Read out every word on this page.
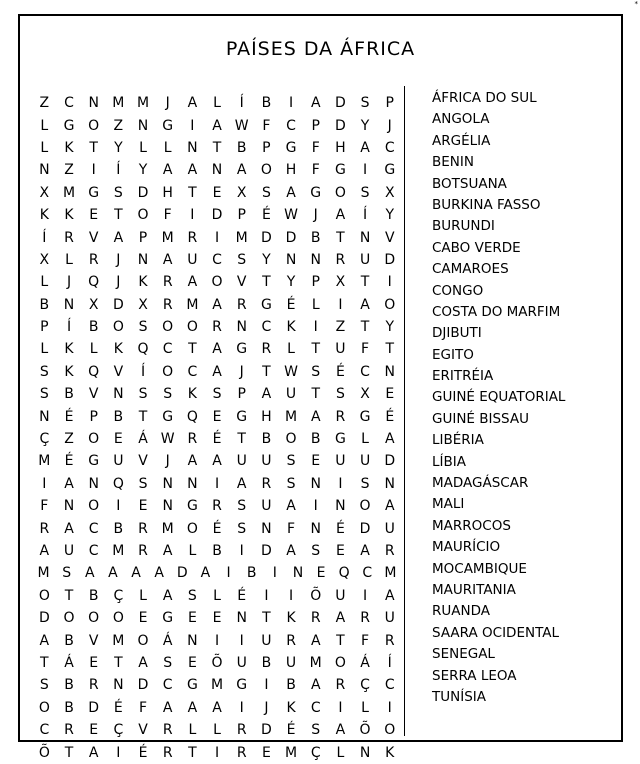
*
PAÍSES DA ÁFRICA
Z	C	N M M	J	A	L	Í	B	I	A	D	S	P
L	G O	Z	N	G	I	A W F	C	P	D	Y	J
L	K	T	Y	L	L	N	T	B	P	G	F	H	A	C
N	Z	I	Í	Y	A	A	N	A	O H	F	G	I	G
X M G	S	D	H	T	E	X	S	A	G O	S	X
K	K	E	T	O	F	I	D	P	É W	J	A	Í	Y
Í	R	V	A	P	M R	I	M D D	B	T	N	V
X	L	R	J	N	A	U	C	S	Y	N	N	R	U	D
L	J	Q	J	K	R	A	O	V	T	Y	P	X	T	I
B	N	X	D	X	R M A	R	G	É	L	I	A	O
P	Í	B	O	S	O O	R	N	C	K	I	Z	T	Y
L	K	L	K	Q	C	T	A	G	R	L	T	U	F	T
S	K	Q	V	Í	O	C	A	J	T W S	É	C	N
S	B	V	N	S	S	K	S	P	A	U	T	S	X	E
N	É	P	B	T	G Q	E	G H M A	R	G	É
Ç	Z	O	E	Á W R	É	T	B	O	B	G	L	A
M	É	G	U	V	J	A	A	U	U	S	E	U	U	D
I	A	N Q	S	N	N	I	A	R	S	N	I	S	N
F	N O	I	E	N	G	R	S	U	A	I	N O	A
R	A	C	B	R M O	É	S	N	F	N	É	D	U
A	U	C M R	A	L	B	I	D	A	S	E	A	R
M S A A A A D A	I	B	I	N E Q C M
O	T	B	Ç	L	A	S	L	É	I	I	Õ	U	I	A
D O O O	E	G	E	E	N	T	K	R	A	R	U
A	B	V M O	Á	N	I	I	U	R	A	T	F	R
T	Á	E	T	A	S	E	Õ	U	B	U M O	Á	Í
S	B	R	N	D	C	G M G	I	B	A	R	Ç	C
O	B	D	É	F	A	A	A	I	J	K	C	I	L	I
C	R	E	Ç	V	R	L	L	R	D	É	S	A	Õ O
Õ	T	A	I	É	R	T	I	R	E	M Ç	L	N	K
ÁFRICA DO SUL
ANGOLA
ARGÉLIA
BENIN
BOTSUANA
BURKINA FASSO
BURUNDI
CABO VERDE
CAMAROES
CONGO
COSTA DO MARFIM
DJIBUTI
EGITO
ERITRÉIA
GUINÉ EQUATORIAL
GUINÉ BISSAU
LIBÉRIA
LÍBIA
MADAGÁSCAR
MALI
MARROCOS
MAURÍCIO
MOCAMBIQUE
MAURITANIA
RUANDA
SAARA OCIDENTAL
SENEGAL
SERRA LEOA
TUNÍSIA
